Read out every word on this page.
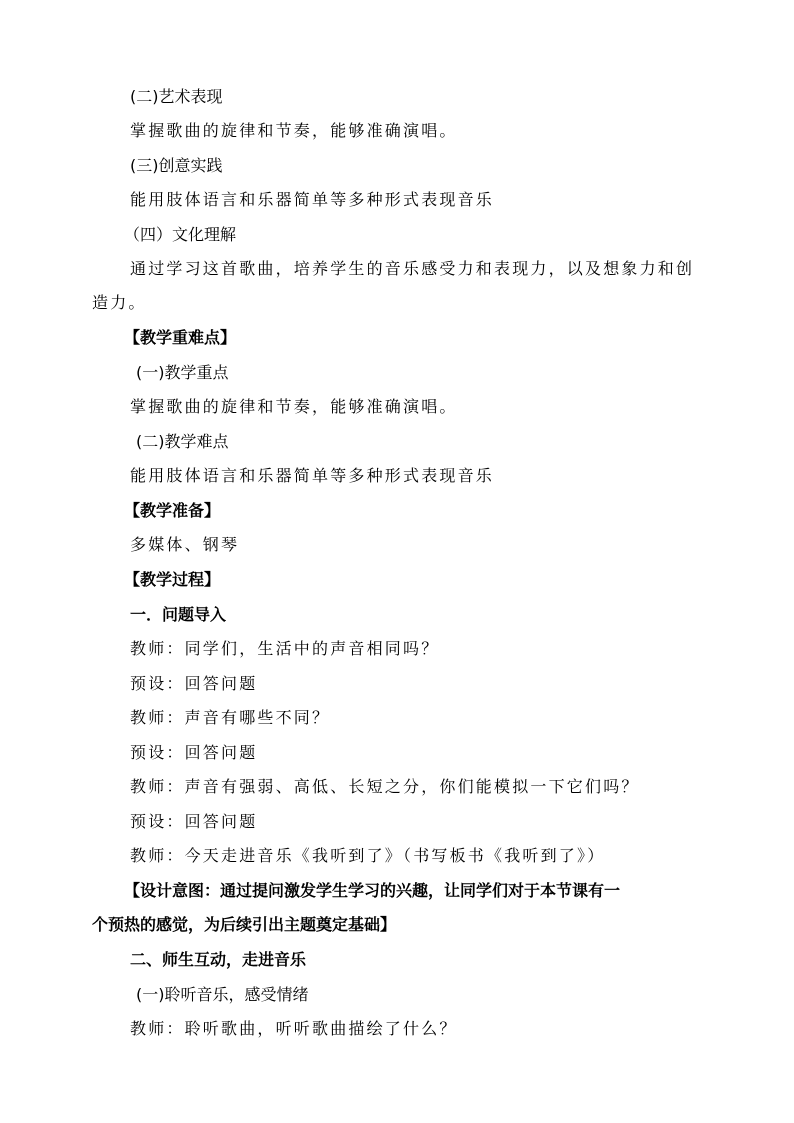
(二)艺术表现
掌握歌曲的旋律和节奏，能够准确演唱。
(三)创意实践
能用肢体语言和乐器简单等多种形式表现音乐
（四）文化理解
通过学习这首歌曲，培养学生的音乐感受力和表现力，以及想象力和创
造力。
【教学重难点】
(一)教学重点
掌握歌曲的旋律和节奏，能够准确演唱。
(二)教学难点
能用肢体语言和乐器简单等多种形式表现音乐
【教学准备】
多媒体、钢琴
【教学过程】
一．问题导入
教师：同学们，生活中的声音相同吗？
预设：回答问题
教师：声音有哪些不同？
预设：回答问题
教师：声音有强弱、高低、长短之分，你们能模拟一下它们吗？
预设：回答问题
教师：今天走进音乐《我听到了》（书写板书《我听到了》）
【设计意图：通过提问激发学生学习的兴趣，让同学们对于本节课有一
个预热的感觉，为后续引出主题奠定基础】
二、师生互动，走进音乐
(一)聆听音乐，感受情绪
教师：聆听歌曲，听听歌曲描绘了什么？
